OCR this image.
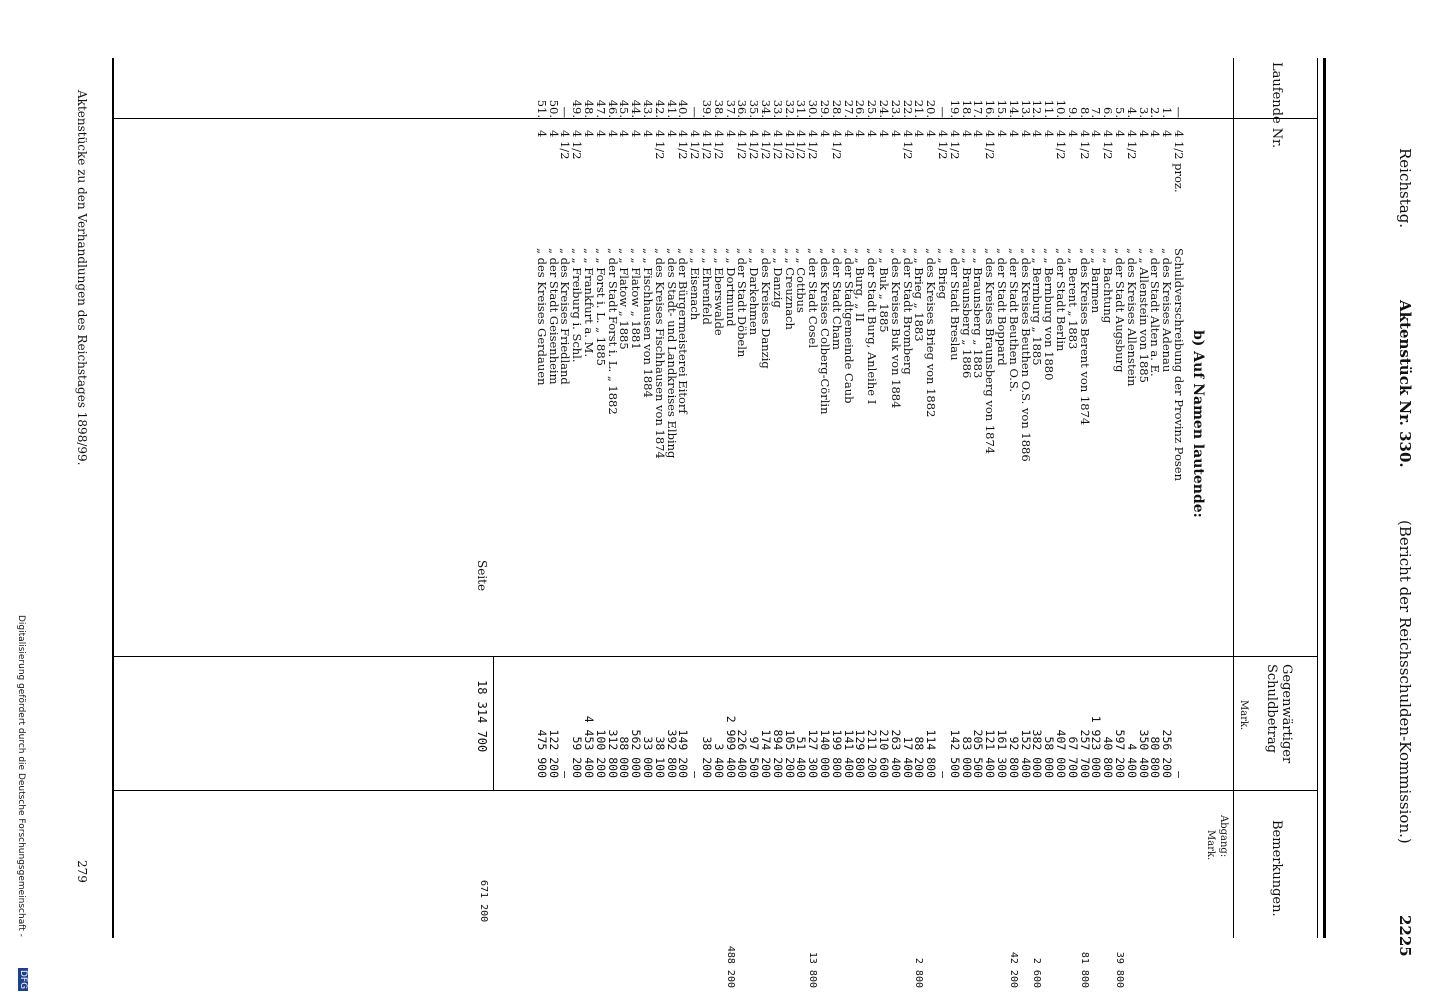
Reichstag.
Aktenstück Nr. 330.
(Bericht der Reichsschulden-Kommission.)
2225
Laufende Nr.
Gegenwärtiger Schuldbetrag
Mark.
Bemerkungen.
Abgang:
Mark.
b) Auf Namen lautende:
—
4 1/2 proz.
Schuldverschreibung der Provinz Posen
—
1.
4
„ des Kreises Adenau
256 200
2.
4
„ der Stadt Alten a. E.
80 800
3.
4
„ „ Allenstein von 1885
350 400
4.
4 1/2
„ des Kreises Allenstein
4 400
5.
4
„ der Stadt Augsburg
597 200
39 800
6.
4 1/2
„ „ Bachtung
40 800
7.
4
„ „ Barmen
1 923 000
8.
4 1/2
„ des Kreises Berent von 1874
257 700
81 800
9.
4
„ „ Berent „ 1883
67 700
10.
4 1/2
„ der Stadt Berlin
407 000
11.
4
„ „ Bernburg von 1880
58 000
12.
4
„ „ Bernburg „ 1885
382 000
2 600
13.
4
„ des Kreises Beuthen O.S. von 1886
152 400
14.
4
„ der Stadt Beuthen O.S.
92 800
42 200
15.
4
„ der Stadt Boppard
161 300
16.
4 1/2
„ des Kreises Braunsberg von 1874
121 400
17.
4
„ „ Braunsberg „ 1883
205 500
18.
4
„ „ Braunsberg „ 1886
83 000
19.
4 1/2
„ der Stadt Breslau
142 500
—
4 1/2
„ „ Brieg
—
20.
4
„ des Kreises Brieg von 1882
114 800
21.
4
„ „ Brieg „ 1883
88 200
2 800
22.
4 1/2
„ der Stadt Bromberg
17 400
23.
4
„ des Kreises Buk von 1884
263 400
24.
4
„ „ Buk „ 1885
210 600
25.
4
„ der Stadt Burg, Anleihe I
211 200
26.
4
„ „ Burg, „ II
129 800
27.
4
„ der Stadtgemeinde Caub
141 400
28.
4 1/2
„ der Stadt Cham
199 800
29.
4
„ des Kreises Colberg-Cörlin
140 000
30.
4 1/2
„ der Stadt Cosel
127 300
13 800
31.
4 1/2
„ „ Cottbus
51 400
32.
4 1/2
„ „ Creuznach
105 200
33.
4 1/2
„ „ Danzig
894 200
34.
4 1/2
„ des Kreises Danzig
174 200
35.
4 1/2
„ „ Darkehmen
97 500
36.
4 1/2
„ der Stadt Döbeln
226 400
37.
4
„ „ Dortmund
2 909 400
488 200
38.
4 1/2
„ „ Eberswalde
3 400
39.
4 1/2
„ „ Ehrenfeld
38 200
—
4 1/2
„ „ Eisenach
—
40.
4 1/2
„ der Bürgermeisterei Eitorf
149 200
41.
4
„ des Stadt- und Landkreises Elbing
392 800
42.
4 1/2
„ des Kreises Fischhausen von 1874
38 100
43.
4
„ „ Fischhausen von 1884
33 000
44.
4
„ „ Flatow „ 1881
562 000
45.
4
„ „ Flatow „ 1885
88 000
46.
4
„ der Stadt Forst i. L. „ 1882
312 800
47.
4
„ „ Forst i. L. „ 1885
100 200
48.
4
„ „ Frankfurt a. M.
4 453 400
49.
4 1/2
„ „ Freiburg i. Schl.
59 200
—
4 1/2
„ des Kreises Friedland
—
50.
4
„ der Stadt Geisenheim
122 200
51.
4
„ des Kreises Gerdauen
475 900
Seite
18 314 700
671 200
Aktenstücke zu den Verhandlungen des Reichstages 1898/99.
279
Digitalisierung gefördert durch die Deutsche Forschungsgemeinschaft -
DFG
